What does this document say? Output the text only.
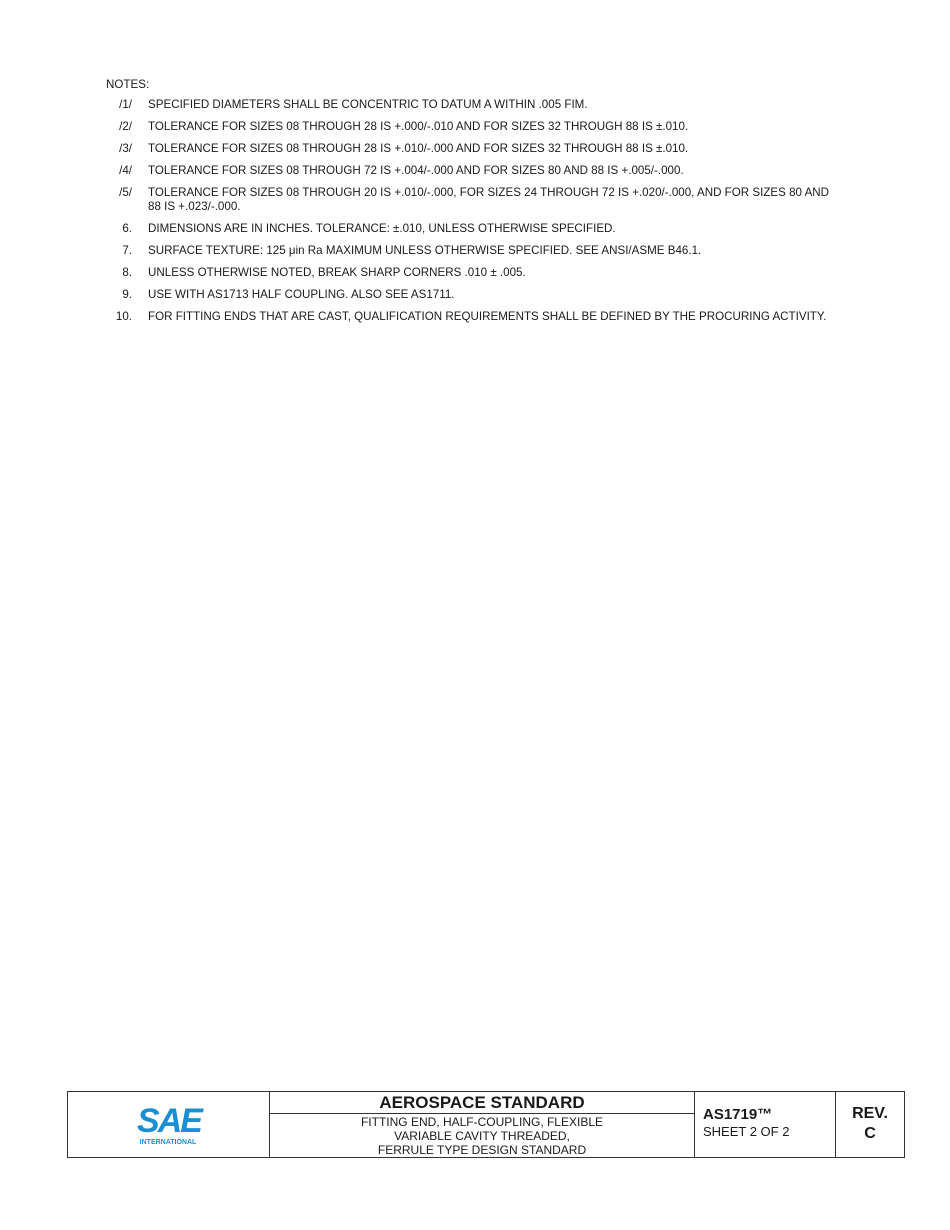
NOTES:
/1/ SPECIFIED DIAMETERS SHALL BE CONCENTRIC TO DATUM A WITHIN .005 FIM.
/2/ TOLERANCE FOR SIZES 08 THROUGH 28 IS +.000/-.010 AND FOR SIZES 32 THROUGH 88 IS ±.010.
/3/ TOLERANCE FOR SIZES 08 THROUGH 28 IS +.010/-.000 AND FOR SIZES 32 THROUGH 88 IS ±.010.
/4/ TOLERANCE FOR SIZES 08 THROUGH 72 IS +.004/-.000 AND FOR SIZES 80 AND 88 IS +.005/-.000.
/5/ TOLERANCE FOR SIZES 08 THROUGH 20 IS +.010/-.000, FOR SIZES 24 THROUGH 72 IS +.020/-.000, AND FOR SIZES 80 AND 88 IS +.023/-.000.
6. DIMENSIONS ARE IN INCHES. TOLERANCE: ±.010, UNLESS OTHERWISE SPECIFIED.
7. SURFACE TEXTURE: 125 μin Ra MAXIMUM UNLESS OTHERWISE SPECIFIED. SEE ANSI/ASME B46.1.
8. UNLESS OTHERWISE NOTED, BREAK SHARP CORNERS .010 ± .005.
9. USE WITH AS1713 HALF COUPLING. ALSO SEE AS1711.
10. FOR FITTING ENDS THAT ARE CAST, QUALIFICATION REQUIREMENTS SHALL BE DEFINED BY THE PROCURING ACTIVITY.
SAE
INTERNATIONAL
AEROSPACE STANDARD
FITTING END, HALF-COUPLING, FLEXIBLE
VARIABLE CAVITY THREADED,
FERRULE TYPE DESIGN STANDARD
AS1719™
SHEET 2 OF 2
REV.
C
